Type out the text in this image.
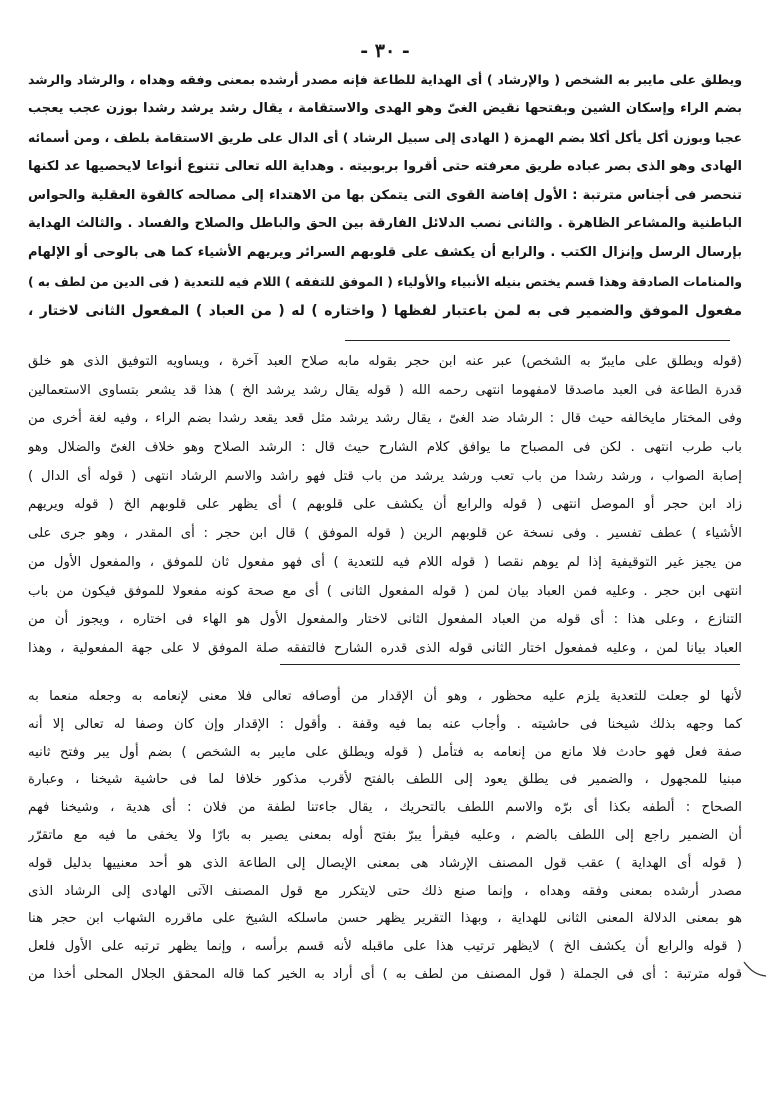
- ٣٠ -
ويطلق على مايبر به الشخص ( والإرشاد ) أى الهداية للطاعة فإنه مصدر أرشده بمعنى وفقه وهداه ، والرشاد والرشد
بضم الراء وإسكان الشين وبفتحها نقيض الغىّ وهو الهدى والاستقامة ، يقال رشد يرشد رشدا بوزن عجب يعجب
عجبا وبوزن أكل يأكل أكلا بضم الهمزة ( الهادى إلى سبيل الرشاد ) أى الدال على طريق الاستقامة بلطف ، ومن أسمائه
الهادى وهو الذى بصر عباده طريق معرفته حتى أقروا بربوبيته . وهداية الله تعالى تتنوع أنواعا لايحصيها عد لكنها
تنحصر فى أجناس مترتبة : الأول إفاضة القوى التى يتمكن بها من الاهتداء إلى مصالحه كالقوة العقلية والحواس
الباطنية والمشاعر الظاهرة . والثانى نصب الدلائل الفارقة بين الحق والباطل والصلاح والفساد . والثالث الهداية
بإرسال الرسل وإنزال الكتب . والرابع أن يكشف على قلوبهم السرائر ويريهم الأشياء كما هى بالوحى أو الإلهام
والمنامات الصادقة وهذا قسم يختص بنيله الأنبياء والأولياء ( الموفق للتفقه ) اللام فيه للتعدية ( فى الدين من لطف به )
مفعول الموفق والضمير فى به لمن باعتبار لفظها ( واختاره ) له ( من العباد ) المفعول الثانى لاختار ،
(قوله ويطلق على مايبرّ به الشخص) عبر عنه ابن حجر بقوله مابه صلاح العبد آخرة ، ويساويه التوفيق الذى هو خلق
قدرة الطاعة فى العبد ماصدقا لامفهوما انتهى رحمه الله ( قوله يقال رشد يرشد الخ ) هذا قد يشعر بتساوى الاستعمالين
وفى المختار مايخالفه حيث قال : الرشاد ضد الغىّ ، يقال رشد يرشد مثل قعد يقعد رشدا بضم الراء ، وفيه لغة أخرى من
باب طرب انتهى . لكن فى المصباح ما يوافق كلام الشارح حيث قال : الرشد الصلاح وهو خلاف الغىّ والضلال وهو
إصابة الصواب ، ورشد رشدا من باب تعب ورشد يرشد من باب قتل فهو راشد والاسم الرشاد انتهى ( قوله أى الدال )
زاد ابن حجر أو الموصل انتهى ( قوله والرابع أن يكشف على قلوبهم ) أى يظهر على قلوبهم الخ ( قوله ويريهم
الأشياء ) عطف تفسير . وفى نسخة عن قلوبهم الرين ( قوله الموفق ) قال ابن حجر : أى المقدر ، وهو جرى على
من يجيز غير التوقيفية إذا لم يوهم نقصا ( قوله اللام فيه للتعدية ) أى فهو مفعول ثان للموفق ، والمفعول الأول من
انتهى ابن حجر . وعليه فمن العباد بيان لمن ( قوله المفعول الثانى ) أى مع صحة كونه مفعولا للموفق فيكون من باب
التنازع ، وعلى هذا : أى قوله من العباد المفعول الثانى لاختار والمفعول الأول هو الهاء فى اختاره ، ويجوز أن من
العباد بيانا لمن ، وعليه فمفعول اختار الثانى قوله الذى قدره الشارح فالتفقه صلة الموفق لا على جهة المفعولية ، وهذا
لأنها لو جعلت للتعدية يلزم عليه محظور ، وهو أن الإقدار من أوصافه تعالى فلا معنى لإنعامه به وجعله منعما به
كما وجهه بذلك شيخنا فى حاشيته . وأجاب عنه بما فيه وقفة . وأقول : الإقدار وإن كان وصفا له تعالى إلا أنه
صفة فعل فهو حادث فلا مانع من إنعامه به فتأمل ( قوله ويطلق على مايبر به الشخص ) بضم أول يبر وفتح ثانيه
مبنيا للمجهول ، والضمير فى يطلق يعود إلى اللطف بالفتح لأقرب مذكور خلافا لما فى حاشية شيخنا ، وعبارة
الصحاح : ألطفه بكذا أى برّه والاسم اللطف بالتحريك ، يقال جاءتنا لطفة من فلان : أى هدية ، وشيخنا فهم
أن الضمير راجع إلى اللطف بالضم ، وعليه فيقرأ يبرّ بفتح أوله بمعنى يصير به بارّا ولا يخفى ما فيه مع ماتقرّر
( قوله أى الهداية ) عقب قول المصنف الإرشاد هى بمعنى الإيصال إلى الطاعة الذى هو أحد معنييها بدليل قوله
مصدر أرشده بمعنى وفقه وهداه ، وإنما صنع ذلك حتى لايتكرر مع قول المصنف الآتى الهادى إلى الرشاد الذى
هو بمعنى الدلالة المعنى الثانى للهداية ، وبهذا التقرير يظهر حسن ماسلكه الشيخ على ماقرره الشهاب ابن حجر هنا
( قوله والرابع أن يكشف الخ ) لايظهر ترتيب هذا على ماقبله لأنه قسم برأسه ، وإنما يظهر ترتبه على الأول فلعل
قوله مترتبة : أى فى الجملة ( قول المصنف من لطف به ) أى أراد به الخير كما قاله المحقق الجلال المحلى أخذا من
